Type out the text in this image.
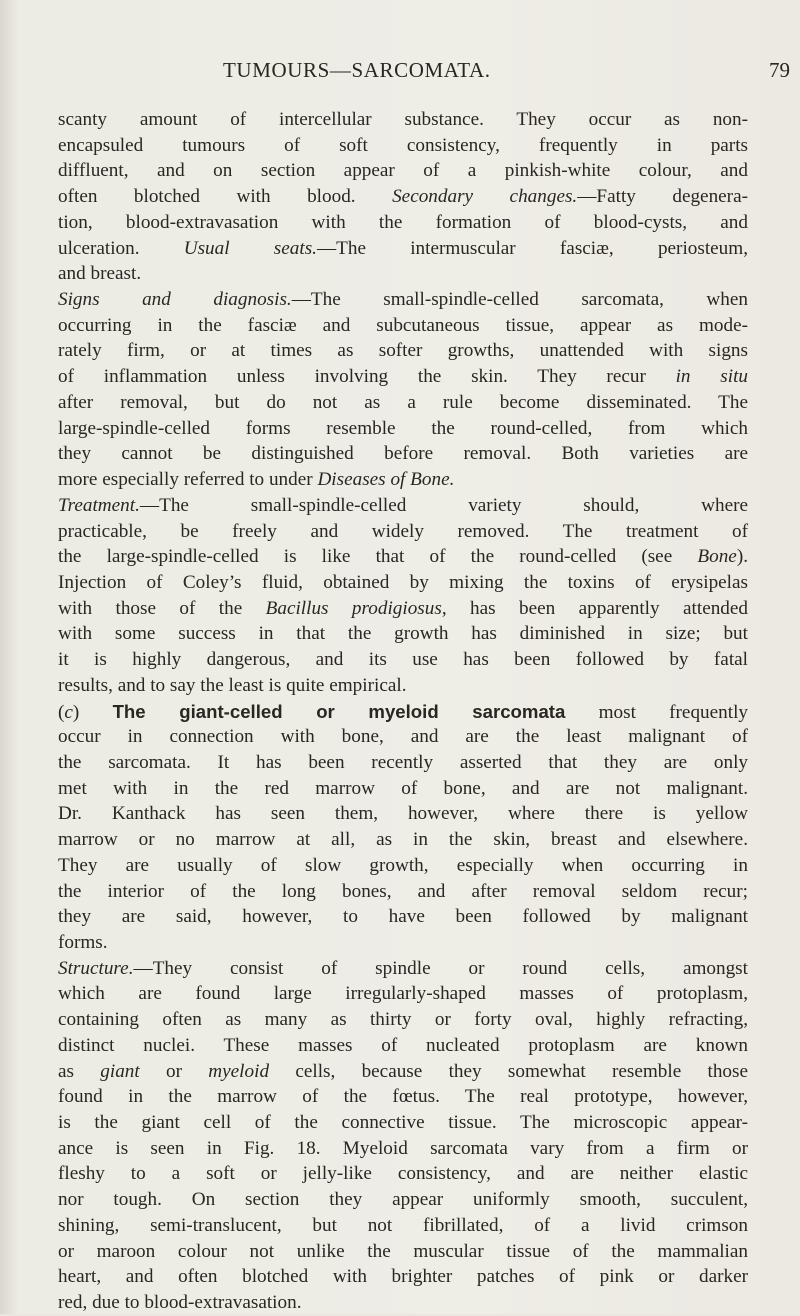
TUMOURS—SARCOMATA.	79
scanty amount of intercellular substance. They occur as non-
encapsuled tumours of soft consistency, frequently in parts
diffluent, and on section appear of a pinkish-white colour, and
often blotched with blood. Secondary changes.—Fatty degenera-
tion, blood-extravasation with the formation of blood-cysts, and
ulceration. Usual seats.—The intermuscular fasciæ, periosteum,
and breast.
Signs and diagnosis.—The small-spindle-celled sarcomata, when
occurring in the fasciæ and subcutaneous tissue, appear as mode-
rately firm, or at times as softer growths, unattended with signs
of inflammation unless involving the skin. They recur in situ
after removal, but do not as a rule become disseminated. The
large-spindle-celled forms resemble the round-celled, from which
they cannot be distinguished before removal. Both varieties are
more especially referred to under Diseases of Bone.
Treatment.—The small-spindle-celled variety should, where
practicable, be freely and widely removed. The treatment of
the large-spindle-celled is like that of the round-celled (see Bone).
Injection of Coley’s fluid, obtained by mixing the toxins of erysipelas
with those of the Bacillus prodigiosus, has been apparently attended
with some success in that the growth has diminished in size; but
it is highly dangerous, and its use has been followed by fatal
results, and to say the least is quite empirical.
(c) The giant-celled or myeloid sarcomata most frequently
occur in connection with bone, and are the least malignant of
the sarcomata. It has been recently asserted that they are only
met with in the red marrow of bone, and are not malignant.
Dr. Kanthack has seen them, however, where there is yellow
marrow or no marrow at all, as in the skin, breast and elsewhere.
They are usually of slow growth, especially when occurring in
the interior of the long bones, and after removal seldom recur;
they are said, however, to have been followed by malignant
forms.
Structure.—They consist of spindle or round cells, amongst
which are found large irregularly-shaped masses of protoplasm,
containing often as many as thirty or forty oval, highly refracting,
distinct nuclei. These masses of nucleated protoplasm are known
as giant or myeloid cells, because they somewhat resemble those
found in the marrow of the fœtus. The real prototype, however,
is the giant cell of the connective tissue. The microscopic appear-
ance is seen in Fig. 18. Myeloid sarcomata vary from a firm or
fleshy to a soft or jelly-like consistency, and are neither elastic
nor tough. On section they appear uniformly smooth, succulent,
shining, semi-translucent, but not fibrillated, of a livid crimson
or maroon colour not unlike the muscular tissue of the mammalian
heart, and often blotched with brighter patches of pink or darker
red, due to blood-extravasation.
